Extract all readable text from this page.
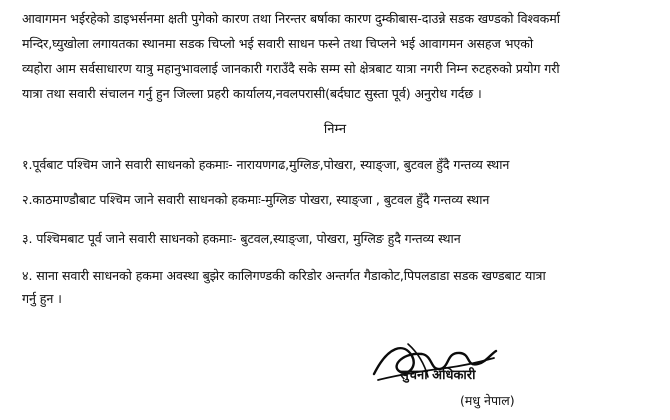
आवागमन भईरहेको डाइभर्सनमा क्षती पुगेको कारण तथा निरन्तर बर्षाका कारण दुम्कीबास-दाउन्ने सडक खण्डको विश्वकर्मा
मन्दिर,घ्युखोला लगायतका स्थानमा सडक चिप्लो भई सवारी साधन फस्ने तथा चिप्लने भई आवागमन असहज भएको
व्यहोरा आम सर्वसाधारण यात्रु महानुभावलाई जानकारी गराउँदै सके सम्म सो क्षेत्रबाट यात्रा नगरी निम्न रुटहरुको प्रयोग गरी
यात्रा तथा सवारी संचालन गर्नु हुन जिल्ला प्रहरी कार्यालय,नवलपरासी(बर्दघाट सुस्ता पूर्व) अनुरोध गर्दछ ।
निम्न
१.पूर्वबाट पश्चिम जाने सवारी साधनको हकमाः- नारायणगढ,मुग्लिङ,पोखरा, स्याङ्जा, बुटवल हुँदै गन्तव्य स्थान
२.काठमाण्डौबाट पश्चिम जाने सवारी साधनको हकमाः-मुग्लिङ पोखरा, स्याङ्जा , बुटवल हुँदै गन्तव्य स्थान
३. पश्चिमबाट पूर्व जाने सवारी साधनको हकमाः- बुटवल,स्याङ्जा, पोखरा, मुग्लिङ हुदै गन्तव्य स्थान
४. साना सवारी साधनको हकमा अवस्था बुझेर कालिगण्डकी करिडोर अन्तर्गत गैडाकोट,पिपलडाडा सडक खण्डबाट यात्रा
गर्नु हुन ।
सुचना अधिकारी
(मधु नेपाल)
